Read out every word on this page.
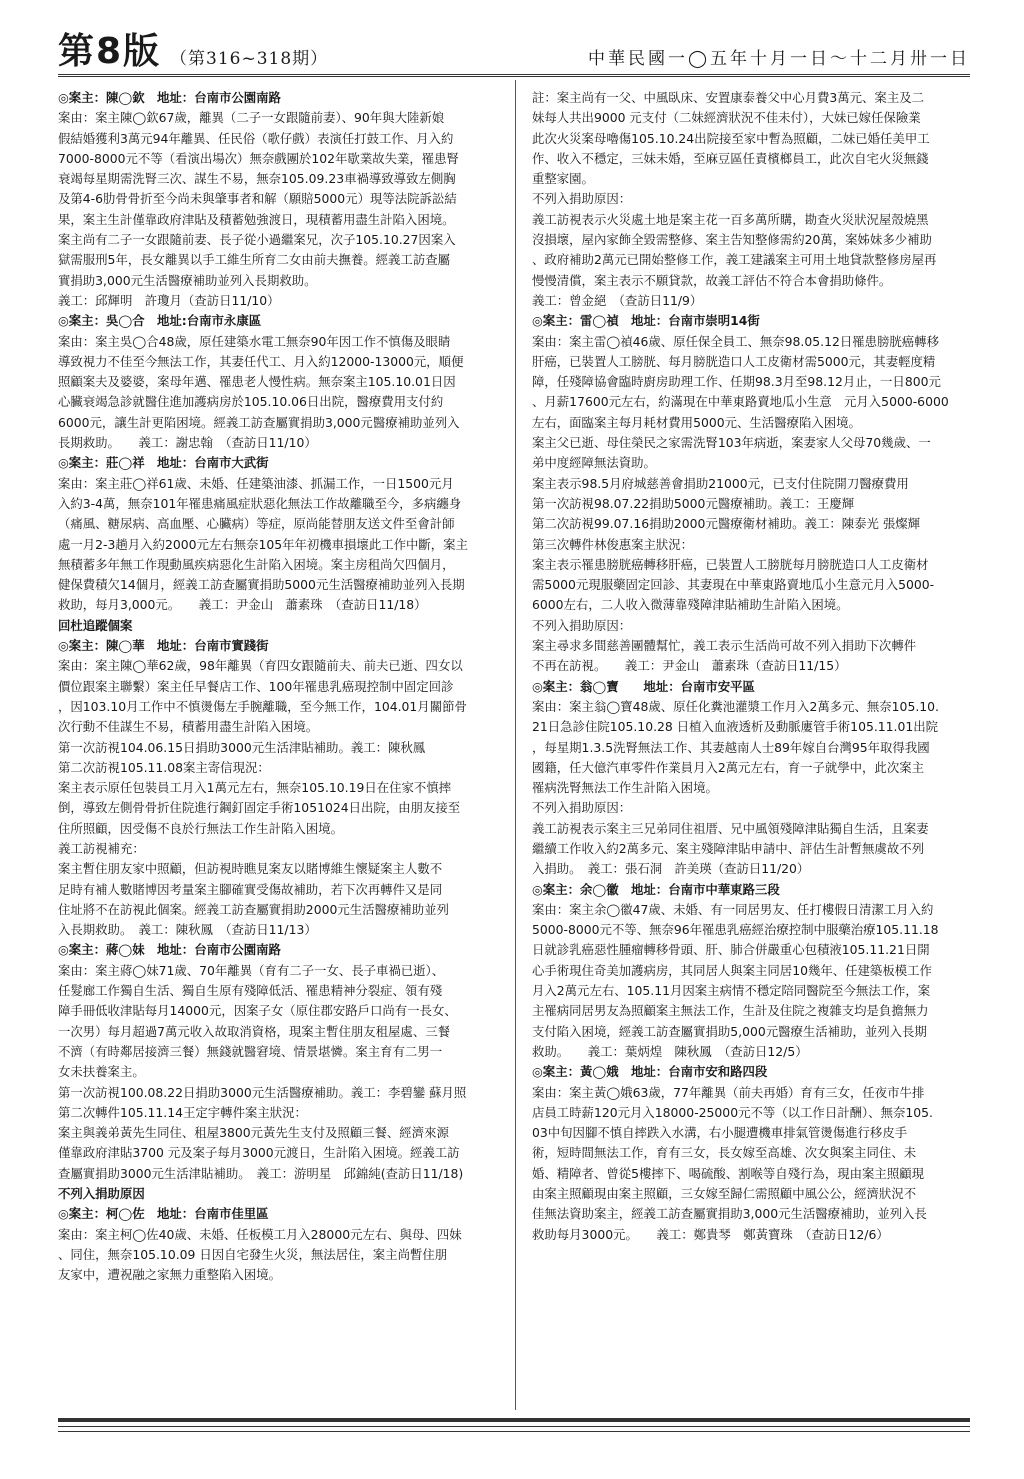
第8版 （第316~318期）	中華民國一◯五年十月一日～十二月卅一日
◎案主：陳◯欽　地址：台南市公園南路
案由：案主陳◯欽67歲，離異（二子一女跟隨前妻）、90年與大陸新娘
假結婚獲利3萬元94年離異、任民俗（歌仔戲）表演任打鼓工作、月入約
7000-8000元不等（看演出場次）無奈戲團於102年歇業故失業，罹患腎
衰竭每星期需洗腎三次、謀生不易，無奈105.09.23車禍導致導致左側胸
及第4-6肋骨骨折至今尚未與肇事者和解（願賠5000元）現等法院訴訟結
果，案主生計僅靠政府津貼及積蓄勉強渡日，現積蓄用盡生計陷入困境。
案主尚有二子一女跟隨前妻、長子從小過繼案兄，次子105.10.27因案入
獄需服刑5年，長女離異以手工維生所育二女由前夫撫養。經義工訪查屬
實捐助3,000元生活醫療補助並列入長期救助。
義工：邱輝明　許瓊月（查訪日11/10）
◎案主：吳◯合　地址:台南市永康區
案由：案主吳◯合48歲，原任建築水電工無奈90年因工作不慎傷及眼睛
導致視力不佳至今無法工作，其妻任代工、月入約12000-13000元，順便
照顧案夫及婆婆，案母年邁、罹患老人慢性病。無奈案主105.10.01日因
心臟衰竭急診就醫住進加護病房於105.10.06日出院，醫療費用支付約
6000元，讓生計更陷困境。經義工訪查屬實捐助3,000元醫療補助並列入
長期救助。　　義工：謝忠翰　（查訪日11/10）
◎案主：莊◯祥　地址：台南市大武街
案由：案主莊◯祥61歲、未婚、任建築油漆、抓漏工作，一日1500元月
入約3-4萬，無奈101年罹患痛風症狀惡化無法工作故離職至今，多病纏身
（痛風、糖尿病、高血壓、心臟病）等症，原尚能替朋友送文件至會計師
處一月2-3趟月入約2000元左右無奈105年年初機車損壞此工作中斷，案主
無積蓄多年無工作現動風疾病惡化生計陷入困境。案主房租尚欠四個月，
健保費積欠14個月，經義工訪查屬實捐助5000元生活醫療補助並列入長期
救助，每月3,000元。　　義工：尹金山　蕭素珠　（查訪日11/18）
回杜追蹤個案
◎案主：陳◯華　地址：台南市實踐街
案由：案主陳◯華62歲，98年離異（育四女跟隨前夫、前夫已逝、四女以
價位跟案主聯繫）案主任早餐店工作、100年罹患乳癌現控制中固定回診
，因103.10月工作中不慎燙傷左手腕離職，至今無工作，104.01月關節骨
次行動不佳謀生不易，積蓄用盡生計陷入困境。
第一次訪視104.06.15日捐助3000元生活津貼補助。義工：陳秋鳳
第二次訪視105.11.08案主寄信現況：
案主表示原任包裝員工月入1萬元左右，無奈105.10.19日在住家不慎摔
倒，導致左側骨骨折住院進行鋼釘固定手術1051024日出院，由朋友接至
住所照顧，因受傷不良於行無法工作生計陷入困境。
義工訪視補充：
案主暫住朋友家中照顧，但訪視時瞧見案友以賭博維生懷疑案主人數不
足時有補人數賭博因考量案主腳確實受傷故補助，若下次再轉件又是同
住址將不在訪視此個案。經義工訪查屬實捐助2000元生活醫療補助並列
入長期救助。　義工：陳秋鳳　（查訪日11/13）
◎案主：蔣◯妹　地址：台南市公園南路
案由：案主蔣◯妹71歲、70年離異（育有二子一女、長子車禍已逝）、
任髮廊工作獨自生活、獨自生原有殘障低活、罹患精神分裂症、領有殘
障手冊低收津貼每月14000元，因案子女（原住郡安路戶口尚有一長女、
一次男）每月超過7萬元收入故取消資格，現案主暫住朋友租屋處、三餐
不濟（有時鄰居接濟三餐）無錢就醫窘境、情景堪憐。案主育有二男一
女未扶養案主。
第一次訪視100.08.22日捐助3000元生活醫療補助。義工：李碧鑾 蘇月照
第二次轉件105.11.14王定宇轉件案主狀況：
案主與義弟黃先生同住、租屋3800元黃先生支付及照顧三餐、經濟來源
僅靠政府津貼3700 元及案子每月3000元渡日，生計陷入困境。經義工訪
查屬實捐助3000元生活津貼補助。　義工：游明星　邱錦純(查訪日11/18)
不列入捐助原因
◎案主：柯◯佐　地址：台南市佳里區
案由：案主柯◯佐40歲、未婚、任板模工月入28000元左右、與母、四妹
、同住，無奈105.10.09 日因自宅發生火災，無法居住，案主尚暫住朋
友家中，遭祝融之家無力重整陷入困境。
註：案主尚有一父、中風臥床、安置康泰養父中心月費3萬元、案主及二
妹每人共出9000 元支付（二妹經濟狀況不佳未付），大妹已嫁任保險業
此次火災案母嚕傷105.10.24出院接至家中暫為照顧，二妹已婚任美甲工
作、收入不穩定，三妹未婚，至麻豆區任責檳榔員工，此次自宅火災無錢
重整家園。
不列入捐助原因：
義工訪視表示火災處土地是案主花一百多萬所購，勘查火災狀況屋殼燒黑
沒損壞，屋內家飾全毀需整修、案主告知整修需約20萬，案姊妹多少補助
、政府補助2萬元已開始整修工作，義工建議案主可用土地貸款整修房屋再
慢慢清償，案主表示不願貸款，故義工評估不符合本會捐助條件。
義工：曾金絕　（查訪日11/9）
◎案主：雷◯禎　地址：台南市崇明14街
案由：案主雷◯禎46歲、原任保全員工、無奈98.05.12日罹患膀胱癌轉移
肝癌，已裝置人工膀胱、每月膀胱造口人工皮衛材需5000元，其妻輕度精
障，任殘障協會臨時廚房助理工作、任期98.3月至98.12月止，一日800元
、月薪17600元左右，約滿現在中華東路賣地瓜小生意　元月入5000-6000
左右，面臨案主每月耗材費用5000元、生活醫療陷入困境。
案主父已逝、母住榮民之家需洗腎103年病逝，案妻家人父母70幾歲、一
弟中度經障無法資助。
案主表示98.5月府城慈善會捐助21000元，已支付住院開刀醫療費用
第一次訪視98.07.22捐助5000元醫療補助。義工：王慶輝
第二次訪視99.07.16捐助2000元醫療衛材補助。義工：陳泰光 張燦輝
第三次轉件林俊惠案主狀況：
案主表示罹患膀胱癌轉移肝癌，已裝置人工膀胱每月膀胱造口人工皮衛材
需5000元現服藥固定回診、其妻現在中華東路賣地瓜小生意元月入5000-
6000左右，二人收入微薄靠殘障津貼補助生計陷入困境。
不列入捐助原因：
案主尋求多間慈善團體幫忙，義工表示生活尚可故不列入捐助下次轉件
不再在訪視。　　義工：尹金山　蕭素珠（查訪日11/15）
◎案主：翁◯寶　　地址：台南市安平區
案由：案主翁◯寶48歲、原任化糞池灌漿工作月入2萬多元、無奈105.10.
21日急診住院105.10.28 日植入血液透析及動脈廔管手術105.11.01出院
，每星期1.3.5洗腎無法工作、其妻越南人士89年嫁自台灣95年取得我國
國籍，任大億汽車零件作業員月入2萬元左右，育一子就學中，此次案主
罹病洗腎無法工作生計陷入困境。
不列入捐助原因：
義工訪視表示案主三兄弟同住祖厝、兄中風領殘障津貼獨自生活，且案妻
繼續工作收入約2萬多元、案主殘障津貼申請中、評估生計暫無虞故不列
入捐助。　義工：張石洞　許美瑛（查訪日11/20）
◎案主：余◯徽　地址：台南市中華東路三段
案由：案主余◯徽47歲、未婚、有一同居男友、任打樓假日清潔工月入約
5000-8000元不等、無奈96年罹患乳癌經治療控制中服藥治療105.11.18
日就診乳癌惡性腫瘤轉移骨頭、肝、肺合併嚴重心包積液105.11.21日開
心手術現住奇美加護病房，其同居人與案主同居10幾年、任建築板模工作
月入2萬元左右、105.11月因案主病情不穩定陪同醫院至今無法工作，案
主罹病同居男友為照顧案主無法工作，生計及住院之複雜支均是負擔無力
支付陷入困境，經義工訪查屬實捐助5,000元醫療生活補助，並列入長期
救助。　　義工：葉炳煌　陳秋鳳　（查訪日12/5）
◎案主：黃◯娥　地址：台南市安和路四段
案由：案主黃◯娥63歲，77年離異（前夫再婚）育有三女，任夜市牛排
店員工時薪120元月入18000-25000元不等（以工作日計酬）、無奈105.
03中旬因腳不慎自摔跌入水溝，右小腿遭機車排氣管燙傷進行移皮手
術，短時間無法工作，育有三女，長女嫁至高雄、次女與案主同住、未
婚、精障者、曾從5樓摔下、喝硫酸、割喉等自殘行為，現由案主照顧現
由案主照顧現由案主照顧，三女嫁至歸仁需照顧中風公公，經濟狀況不
佳無法資助案主，經義工訪查屬實捐助3,000元生活醫療補助，並列入長
救助每月3000元。　　義工：鄭貴琴　鄭黃寶珠　（查訪日12/6）
